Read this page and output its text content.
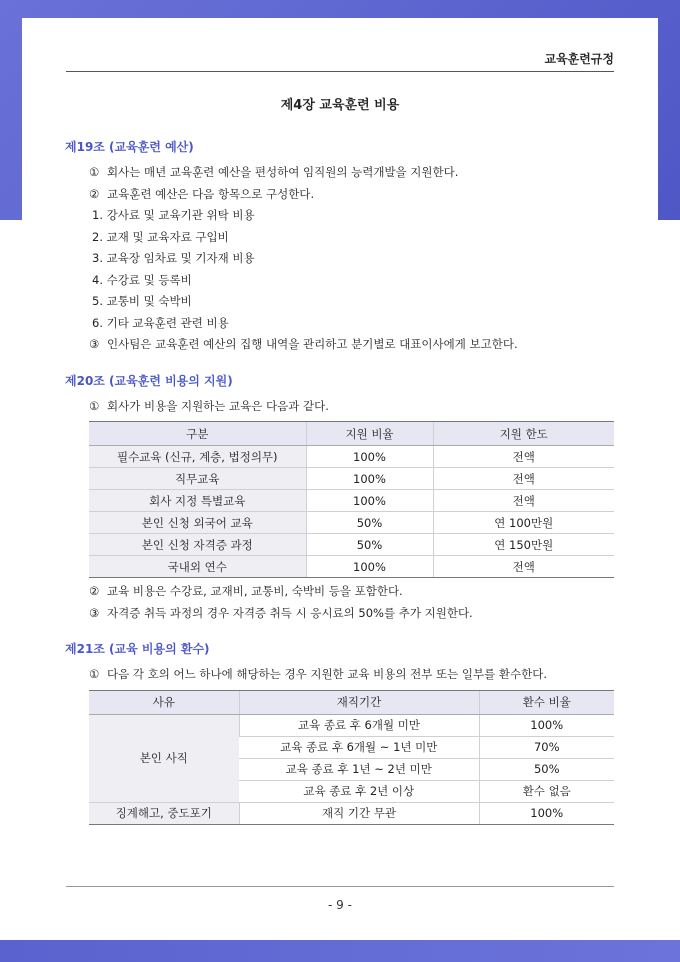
교육훈련규정
제4장 교육훈련 비용
제19조 (교육훈련 예산)
① 회사는 매년 교육훈련 예산을 편성하여 임직원의 능력개발을 지원한다.
② 교육훈련 예산은 다음 항목으로 구성한다.
1. 강사료 및 교육기관 위탁 비용
2. 교재 및 교육자료 구입비
3. 교육장 임차료 및 기자재 비용
4. 수강료 및 등록비
5. 교통비 및 숙박비
6. 기타 교육훈련 관련 비용
③ 인사팀은 교육훈련 예산의 집행 내역을 관리하고 분기별로 대표이사에게 보고한다.
제20조 (교육훈련 비용의 지원)
① 회사가 비용을 지원하는 교육은 다음과 같다.
구분	지원 비율	지원 한도
필수교육 (신규, 계층, 법정의무)	100%	전액
직무교육	100%	전액
회사 지정 특별교육	100%	전액
본인 신청 외국어 교육	50%	연 100만원
본인 신청 자격증 과정	50%	연 150만원
국내외 연수	100%	전액
② 교육 비용은 수강료, 교재비, 교통비, 숙박비 등을 포함한다.
③ 자격증 취득 과정의 경우 자격증 취득 시 응시료의 50%를 추가 지원한다.
제21조 (교육 비용의 환수)
① 다음 각 호의 어느 하나에 해당하는 경우 지원한 교육 비용의 전부 또는 일부를 환수한다.
사유	재직기간	환수 비율
본인 사직	교육 종료 후 6개월 미만	100%
	교육 종료 후 6개월 ~ 1년 미만	70%
	교육 종료 후 1년 ~ 2년 미만	50%
	교육 종료 후 2년 이상	환수 없음
징계해고, 중도포기	재직 기간 무관	100%
- 9 -
